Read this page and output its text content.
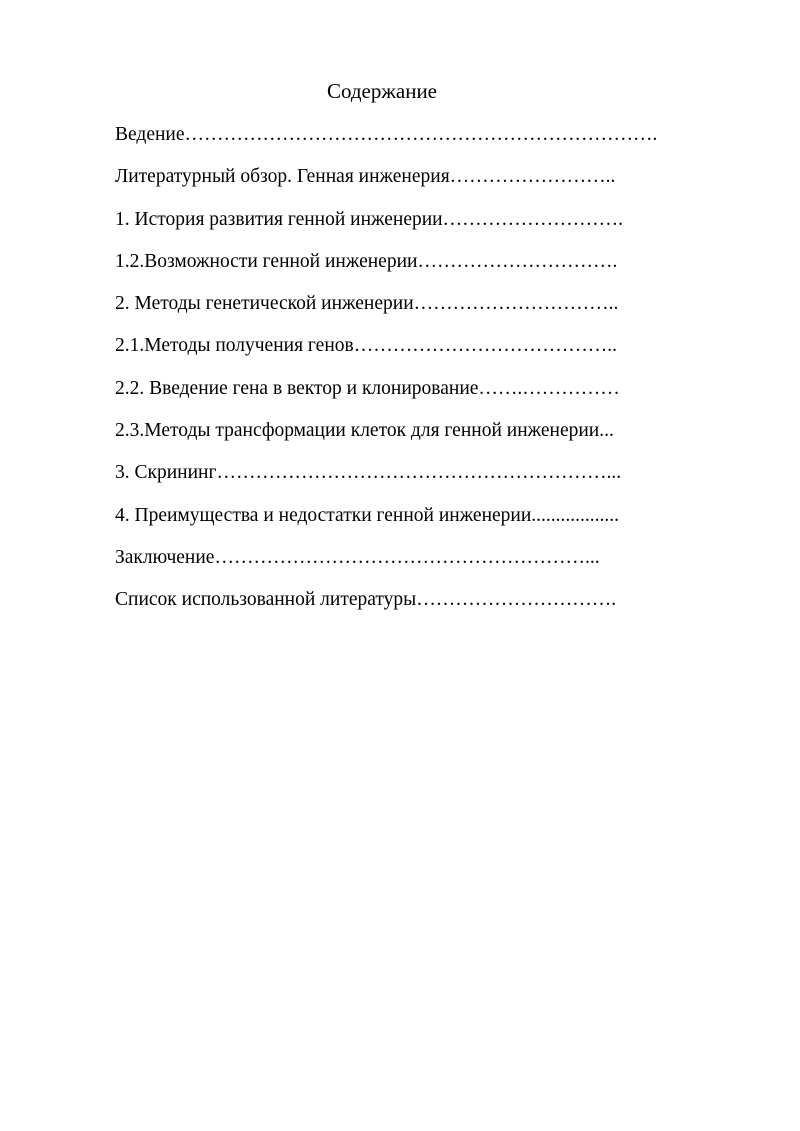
Содержание
Ведение……………………………………………………………….
Литературный обзор. Генная инженерия……………………..
1. История развития генной инженерии……………………….
1.2.Возможности генной инженерии………………………….
2. Методы генетической инженерии…………………………..
2.1.Методы получения генов…………………………………..
2.2. Введение гена в вектор и клонирование…….……………
2.3.Методы трансформации клеток для генной инженерии...
3. Скрининг……………………………………………………...
4. Преимущества и недостатки генной инженерии..................
Заключение…………………………………………………...
Список использованной литературы………………………….
